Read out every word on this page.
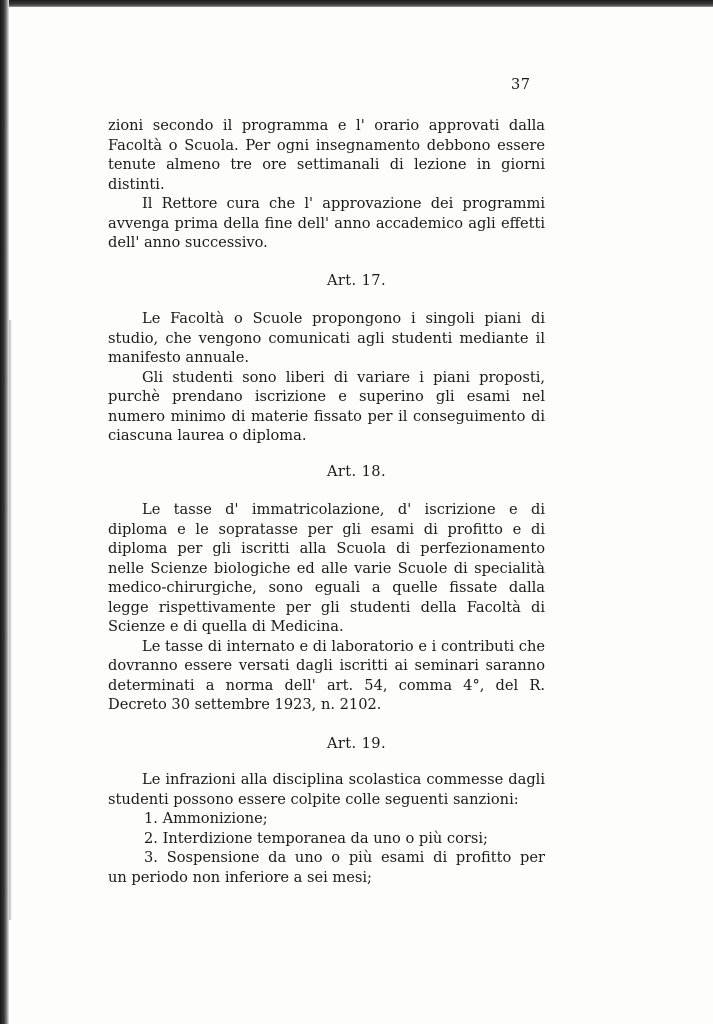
37

zioni secondo il programma e l' orario approvati dalla Facoltà o Scuola. Per ogni insegnamento debbono essere tenute almeno tre ore settimanali di lezione in giorni distinti.

Il Rettore cura che l' approvazione dei programmi avvenga prima della fine dell' anno accademico agli effetti dell' anno successivo.

Art. 17.

Le Facoltà o Scuole propongono i singoli piani di studio, che vengono comunicati agli studenti mediante il manifesto annuale.

Gli studenti sono liberi di variare i piani proposti, purchè prendano iscrizione e superino gli esami nel numero minimo di materie fissato per il conseguimento di ciascuna laurea o diploma.

Art. 18.

Le tasse d' immatricolazione, d' iscrizione e di diploma e le sopratasse per gli esami di profitto e di diploma per gli iscritti alla Scuola di perfezionamento nelle Scienze biologiche ed alle varie Scuole di specialità medico-chirurgiche, sono eguali a quelle fissate dalla legge rispettivamente per gli studenti della Facoltà di Scienze e di quella di Medicina.

Le tasse di internato e di laboratorio e i contributi che dovranno essere versati dagli iscritti ai seminari saranno determinati a norma dell' art. 54, comma 4°, del R. Decreto 30 settembre 1923, n. 2102.

Art. 19.

Le infrazioni alla disciplina scolastica commesse dagli studenti possono essere colpite colle seguenti sanzioni:

1. Ammonizione;
2. Interdizione temporanea da uno o più corsi;
3. Sospensione da uno o più esami di profitto per
un periodo non inferiore a sei mesi;
